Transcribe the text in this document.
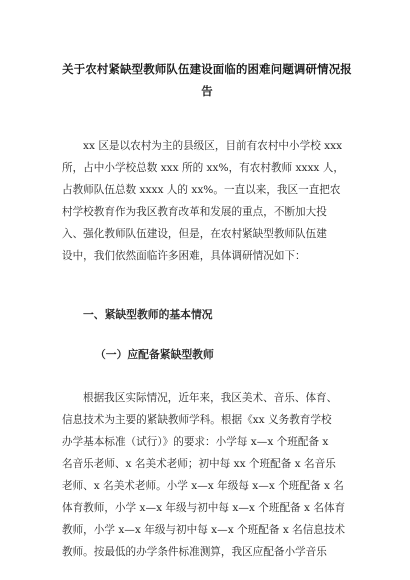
关于农村紧缺型教师队伍建设面临的困难问题调研情况报
告

xx 区是以农村为主的县级区，目前有农村中小学校 xxx
所，占中小学校总数 xxx 所的 xx%，有农村教师 xxxx 人，
占教师队伍总数 xxxx 人的 xx%。一直以来，我区一直把农
村学校教育作为我区教育改革和发展的重点，不断加大投
入、强化教师队伍建设，但是，在农村紧缺型教师队伍建
设中，我们依然面临许多困难，具体调研情况如下：

一、紧缺型教师的基本情况
（一）应配备紧缺型教师

根据我区实际情况，近年来，我区美术、音乐、体育、
信息技术为主要的紧缺教师学科。根据《xx 义务教育学校
办学基本标准（试行）》的要求：小学每 x—x 个班配备 x
名音乐老师、x 名美术老师；初中每 xx 个班配备 x 名音乐
老师、x 名美术老师。小学 x—x 年级每 x—x 个班配备 x 名
体育教师，小学 x—x 年级与初中每 x—x 个班配备 x 名体育
教师，小学 x—x 年级与初中每 x—x 个班配备 x 名信息技术
教师。按最低的办学条件标准测算，我区应配备小学音乐
